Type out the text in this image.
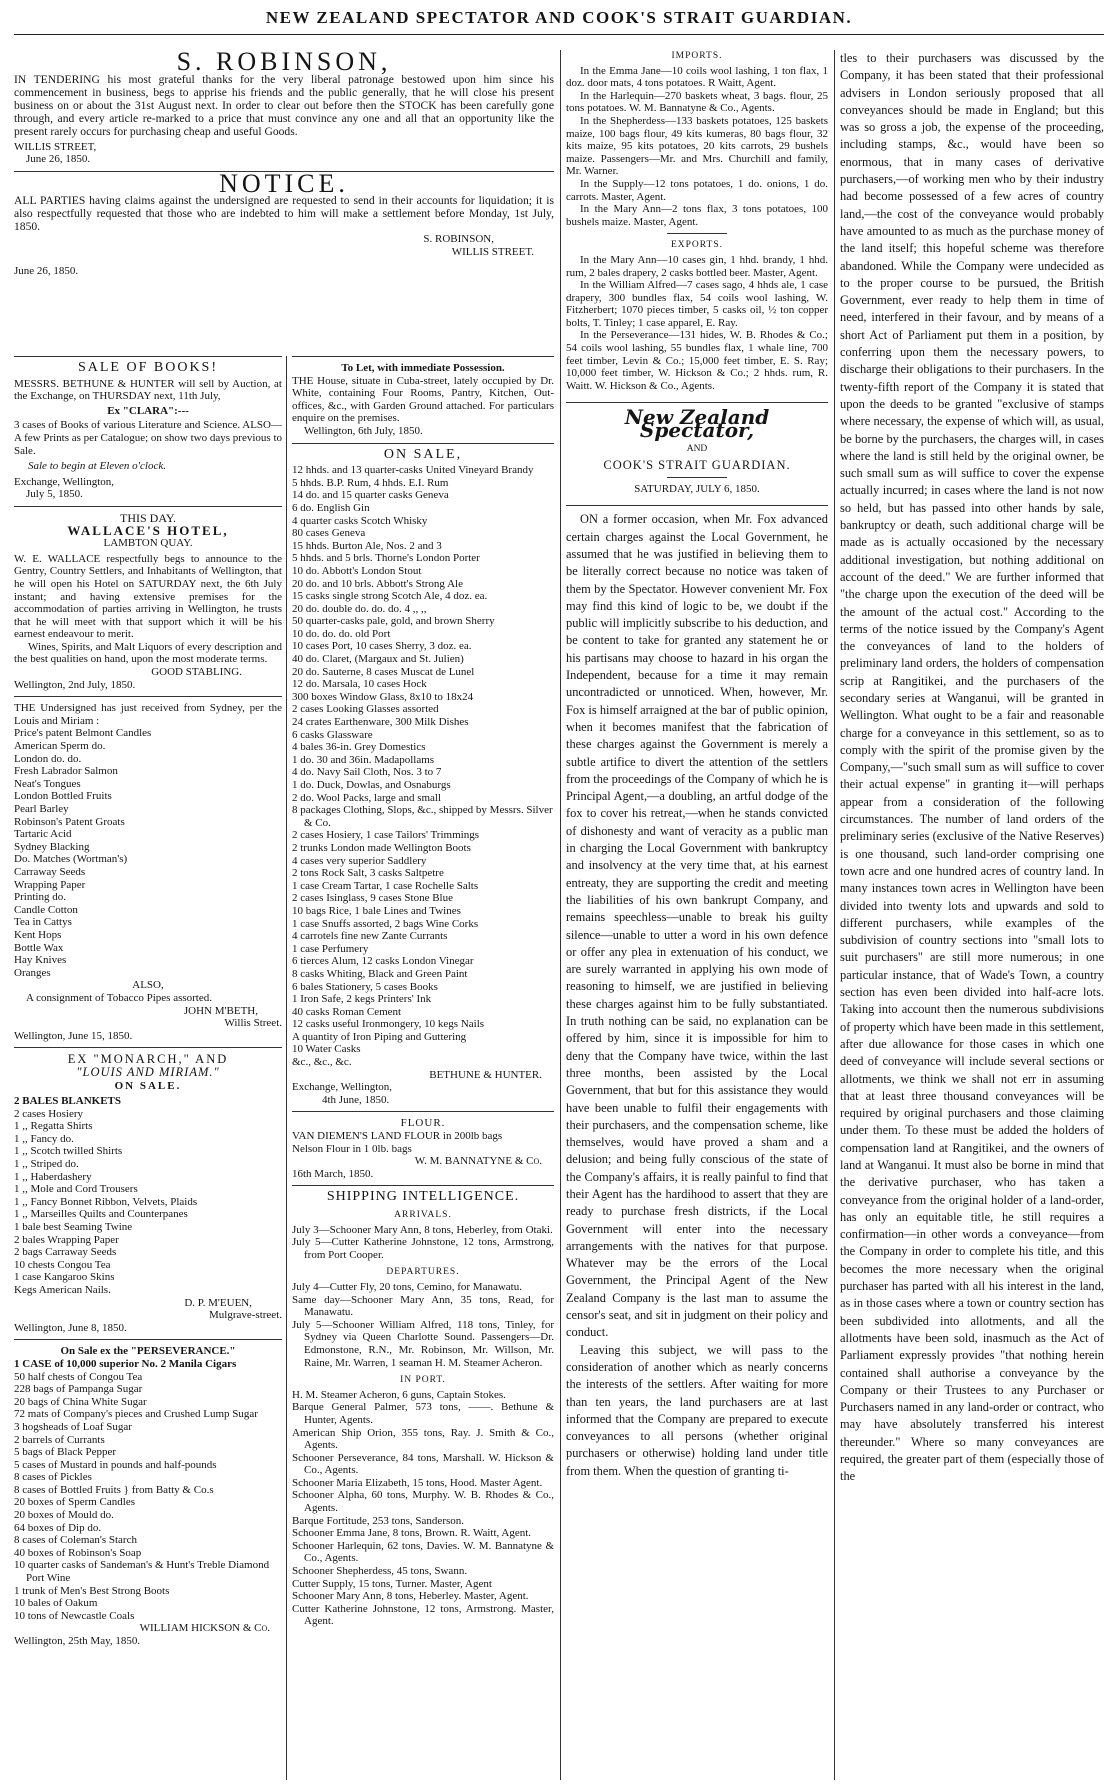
NEW ZEALAND SPECTATOR AND COOK'S STRAIT GUARDIAN.
S. ROBINSON,

IN TENDERING his most grateful thanks for the very liberal patronage bestowed upon him since his commencement in business, begs to apprise his friends and the public generally, that he will close his present business on or about the 31st August next. In order to clear out before then the STOCK has been carefully gone through, and every article re-marked to a price that must convince any one and all that an opportunity like the present rarely occurs for purchasing cheap and useful Goods.

WILLIS STREET,

June 26, 1850.

NOTICE.

ALL PARTIES having claims against the undersigned are requested to send in their accounts for liquidation; it is also respectfully requested that those who are indebted to him will make a settlement before Monday, 1st July, 1850.

S. ROBINSON,

WILLIS STREET.

June 26, 1850.

SALE OF BOOKS!

MESSRS. BETHUNE & HUNTER will sell by Auction, at the Exchange, on THURSDAY next, 11th July,

Ex "CLARA":---

3 cases of Books of various Literature and Science. ALSO—A few Prints as per Catalogue; on show two days previous to Sale.

Sale to begin at Eleven o'clock.

Exchange, Wellington,

July 5, 1850.

THIS DAY.

WALLACE'S HOTEL,

LAMBTON QUAY.

W. E. WALLACE respectfully begs to announce to the Gentry, Country Settlers, and Inhabitants of Wellington, that he will open his Hotel on SATURDAY next, the 6th July instant; and having extensive premises for the accommodation of parties arriving in Wellington, he trusts that he will meet with that support which it will be his earnest endeavour to merit.

Wines, Spirits, and Malt Liquors of every description and the best qualities on hand, upon the most moderate terms.

GOOD STABLING.

Wellington, 2nd July, 1850.

THE Undersigned has just received from Sydney, per the Louis and Miriam :

Price's patent Belmont Candles

American Sperm do.

London do. do.

Fresh Labrador Salmon

Neat's Tongues

London Bottled Fruits

Pearl Barley

Robinson's Patent Groats

Tartaric Acid

Sydney Blacking

Do. Matches (Wortman's)

Carraway Seeds

Wrapping Paper

Printing do.

Candle Cotton

Tea in Cattys

Kent Hops

Bottle Wax

Hay Knives

Oranges

ALSO,

A consignment of Tobacco Pipes assorted.

JOHN M'BETH,

Willis Street.

Wellington, June 15, 1850.

EX "MONARCH," AND

"LOUIS AND MIRIAM."

ON SALE.

2 BALES BLANKETS

2 cases Hosiery

1 ,, Regatta Shirts

1 ,, Fancy do.

1 ,, Scotch twilled Shirts

1 ,, Striped do.

1 ,, Haberdashery

1 ,, Mole and Cord Trousers

1 ,, Fancy Bonnet Ribbon, Velvets, Plaids

1 ,, Marseilles Quilts and Counterpanes

1 bale best Seaming Twine

2 bales Wrapping Paper

2 bags Carraway Seeds

10 chests Congou Tea

1 case Kangaroo Skins

Kegs American Nails.

D. P. M'EUEN,

Mulgrave-street.

Wellington, June 8, 1850.

On Sale ex the "PERSEVERANCE."

1 CASE of 10,000 superior No. 2 Manila Cigars

50 half chests of Congou Tea

228 bags of Pampanga Sugar

20 bags of China White Sugar

72 mats of Company's pieces and Crushed Lump Sugar

3 hogsheads of Loaf Sugar

2 barrels of Currants

5 bags of Black Pepper

5 cases of Mustard in pounds and half-pounds

8 cases of Pickles

8 cases of Bottled Fruits } from Batty & Co.s

20 boxes of Sperm Candles

20 boxes of Mould do.

64 boxes of Dip do.

8 cases of Coleman's Starch

40 boxes of Robinson's Soap

10 quarter casks of Sandeman's & Hunt's Treble Diamond Port Wine

1 trunk of Men's Best Strong Boots

10 bales of Oakum

10 tons of Newcastle Coals

WILLIAM HICKSON & Co.

Wellington, 25th May, 1850.

To Let, with immediate Possession.

THE House, situate in Cuba-street, lately occupied by Dr. White, containing Four Rooms, Pantry, Kitchen, Out-offices, &c., with Garden Ground attached. For particulars enquire on the premises.

Wellington, 6th July, 1850.

ON SALE,

12 hhds. and 13 quarter-casks United Vineyard Brandy

5 hhds. B.P. Rum, 4 hhds. E.I. Rum

14 do. and 15 quarter casks Geneva

6 do. English Gin

4 quarter casks Scotch Whisky

80 cases Geneva

15 hhds. Burton Ale, Nos. 2 and 3

5 hhds. and 5 brls. Thorne's London Porter

10 do. Abbott's London Stout

20 do. and 10 brls. Abbott's Strong Ale

15 casks single strong Scotch Ale, 4 doz. ea.

20 do. double do. do. do. 4 ,, ,,

50 quarter-casks pale, gold, and brown Sherry

10 do. do. do. old Port

10 cases Port, 10 cases Sherry, 3 doz. ea.

40 do. Claret, (Margaux and St. Julien)

20 do. Sauterne, 8 cases Muscat de Lunel

12 do. Marsala, 10 cases Hock

300 boxes Window Glass, 8x10 to 18x24

2 cases Looking Glasses assorted

24 crates Earthenware, 300 Milk Dishes

6 casks Glassware

4 bales 36-in. Grey Domestics

1 do. 30 and 36in. Madapollams

4 do. Navy Sail Cloth, Nos. 3 to 7

1 do. Duck, Dowlas, and Osnaburgs

2 do. Wool Packs, large and small

8 packages Clothing, Slops, &c., shipped by Messrs. Silver & Co.

2 cases Hosiery, 1 case Tailors' Trimmings

2 trunks London made Wellington Boots

4 cases very superior Saddlery

2 tons Rock Salt, 3 casks Saltpetre

1 case Cream Tartar, 1 case Rochelle Salts

2 cases Isinglass, 9 cases Stone Blue

10 bags Rice, 1 bale Lines and Twines

1 case Snuffs assorted, 2 bags Wine Corks

4 carrotels fine new Zante Currants

1 case Perfumery

6 tierces Alum, 12 casks London Vinegar

8 casks Whiting, Black and Green Paint

6 bales Stationery, 5 cases Books

1 Iron Safe, 2 kegs Printers' Ink

40 casks Roman Cement

12 casks useful Ironmongery, 10 kegs Nails

A quantity of Iron Piping and Guttering

10 Water Casks

&c., &c., &c.

BETHUNE & HUNTER.

Exchange, Wellington,

4th June, 1850.

FLOUR.

VAN DIEMEN'S LAND FLOUR in 200lb bags

Nelson Flour in 1 0lb. bags

W. M. BANNATYNE & Co.

16th March, 1850.

SHIPPING INTELLIGENCE.
ARRIVALS.

July 3—Schooner Mary Ann, 8 tons, Heberley, from Otaki.

July 5—Cutter Katherine Johnstone, 12 tons, Armstrong, from Port Cooper.

DEPARTURES.

July 4—Cutter Fly, 20 tons, Cemino, for Manawatu.

Same day—Schooner Mary Ann, 35 tons, Read, for Manawatu.

July 5—Schooner William Alfred, 118 tons, Tinley, for Sydney via Queen Charlotte Sound. Passengers—Dr. Edmonstone, R.N., Mr. Robinson, Mr. Willson, Mr. Raine, Mr. Warren, 1 seaman H. M. Steamer Acheron.

IN PORT.

H. M. Steamer Acheron, 6 guns, Captain Stokes.

Barque General Palmer, 573 tons, ——. Bethune & Hunter, Agents.

American Ship Orion, 355 tons, Ray. J. Smith & Co., Agents.

Schooner Perseverance, 84 tons, Marshall. W. Hickson & Co., Agents.

Schooner Maria Elizabeth, 15 tons, Hood. Master Agent.

Schooner Alpha, 60 tons, Murphy. W. B. Rhodes & Co., Agents.

Barque Fortitude, 253 tons, Sanderson.

Schooner Emma Jane, 8 tons, Brown. R. Waitt, Agent.

Schooner Harlequin, 62 tons, Davies. W. M. Bannatyne & Co., Agents.

Schooner Shepherdess, 45 tons, Swann.

Cutter Supply, 15 tons, Turner. Master, Agent

Schooner Mary Ann, 8 tons, Heberley. Master, Agent.

Cutter Katherine Johnstone, 12 tons, Armstrong. Master, Agent.

IMPORTS.

In the Emma Jane—10 coils wool lashing, 1 ton flax, 1 doz. door mats, 4 tons potatoes. R Waitt, Agent.

In the Harlequin—270 baskets wheat, 3 bags. flour, 25 tons potatoes. W. M. Bannatyne & Co., Agents.

In the Shepherdess—133 baskets potatoes, 125 baskets maize, 100 bags flour, 49 kits kumeras, 80 bags flour, 32 kits maize, 95 kits potatoes, 20 kits carrots, 29 bushels maize. Passengers—Mr. and Mrs. Churchill and family, Mr. Warner.

In the Supply—12 tons potatoes, 1 do. onions, 1 do. carrots. Master, Agent.

In the Mary Ann—2 tons flax, 3 tons potatoes, 100 bushels maize. Master, Agent.

EXPORTS.

In the Mary Ann—10 cases gin, 1 hhd. brandy, 1 hhd. rum, 2 bales drapery, 2 casks bottled beer. Master, Agent.

In the William Alfred—7 cases sago, 4 hhds ale, 1 case drapery, 300 bundles flax, 54 coils wool lashing, W. Fitzherbert; 1070 pieces timber, 5 casks oil, ½ ton copper bolts, T. Tinley; 1 case apparel, E. Ray.

In the Perseverance—131 hides, W. B. Rhodes & Co.; 54 coils wool lashing, 55 bundles flax, 1 whale line, 700 feet timber, Levin & Co.; 15,000 feet timber, E. S. Ray; 10,000 feet timber, W. Hickson & Co.; 2 hhds. rum, R. Waitt. W. Hickson & Co., Agents.

New Zealand Spectator,

AND

COOK'S STRAIT GUARDIAN.

SATURDAY, JULY 6, 1850.

ON a former occasion, when Mr. Fox advanced certain charges against the Local Government, he assumed that he was justified in believing them to be literally correct because no notice was taken of them by the Spectator. However convenient Mr. Fox may find this kind of logic to be, we doubt if the public will implicitly subscribe to his deduction, and be content to take for granted any statement he or his partisans may choose to hazard in his organ the Independent, because for a time it may remain uncontradicted or unnoticed. When, however, Mr. Fox is himself arraigned at the bar of public opinion, when it becomes manifest that the fabrication of these charges against the Government is merely a subtle artifice to divert the attention of the settlers from the proceedings of the Company of which he is Principal Agent,—a doubling, an artful dodge of the fox to cover his retreat,—when he stands convicted of dishonesty and want of veracity as a public man in charging the Local Government with bankruptcy and insolvency at the very time that, at his earnest entreaty, they are supporting the credit and meeting the liabilities of his own bankrupt Company, and remains speechless—unable to break his guilty silence—unable to utter a word in his own defence or offer any plea in extenuation of his conduct, we are surely warranted in applying his own mode of reasoning to himself, we are justified in believing these charges against him to be fully substantiated. In truth nothing can be said, no explanation can be offered by him, since it is impossible for him to deny that the Company have twice, within the last three months, been assisted by the Local Government, that but for this assistance they would have been unable to fulfil their engagements with their purchasers, and the compensation scheme, like themselves, would have proved a sham and a delusion; and being fully conscious of the state of the Company's affairs, it is really painful to find that their Agent has the hardihood to assert that they are ready to purchase fresh districts, if the Local Government will enter into the necessary arrangements with the natives for that purpose. Whatever may be the errors of the Local Government, the Principal Agent of the New Zealand Company is the last man to assume the censor's seat, and sit in judgment on their policy and conduct.

Leaving this subject, we will pass to the consideration of another which as nearly concerns the interests of the settlers. After waiting for more than ten years, the land purchasers are at last informed that the Company are prepared to execute conveyances to all persons (whether original purchasers or otherwise) holding land under title from them. When the question of granting ti-

tles to their purchasers was discussed by the Company, it has been stated that their professional advisers in London seriously proposed that all conveyances should be made in England; but this was so gross a job, the expense of the proceeding, including stamps, &c., would have been so enormous, that in many cases of derivative purchasers,—of working men who by their industry had become possessed of a few acres of country land,—the cost of the conveyance would probably have amounted to as much as the purchase money of the land itself; this hopeful scheme was therefore abandoned. While the Company were undecided as to the proper course to be pursued, the British Government, ever ready to help them in time of need, interfered in their favour, and by means of a short Act of Parliament put them in a position, by conferring upon them the necessary powers, to discharge their obligations to their purchasers. In the twenty-fifth report of the Company it is stated that upon the deeds to be granted "exclusive of stamps where necessary, the expense of which will, as usual, be borne by the purchasers, the charges will, in cases where the land is still held by the original owner, be such small sum as will suffice to cover the expense actually incurred; in cases where the land is not now so held, but has passed into other hands by sale, bankruptcy or death, such additional charge will be made as is actually occasioned by the necessary additional investigation, but nothing additional on account of the deed." We are further informed that "the charge upon the execution of the deed will be the amount of the actual cost." According to the terms of the notice issued by the Company's Agent the conveyances of land to the holders of preliminary land orders, the holders of compensation scrip at Rangitikei, and the purchasers of the secondary series at Wanganui, will be granted in Wellington. What ought to be a fair and reasonable charge for a conveyance in this settlement, so as to comply with the spirit of the promise given by the Company,—"such small sum as will suffice to cover their actual expense" in granting it—will perhaps appear from a consideration of the following circumstances. The number of land orders of the preliminary series (exclusive of the Native Reserves) is one thousand, such land-order comprising one town acre and one hundred acres of country land. In many instances town acres in Wellington have been divided into twenty lots and upwards and sold to different purchasers, while examples of the subdivision of country sections into "small lots to suit purchasers" are still more numerous; in one particular instance, that of Wade's Town, a country section has even been divided into half-acre lots. Taking into account then the numerous subdivisions of property which have been made in this settlement, after due allowance for those cases in which one deed of conveyance will include several sections or allotments, we think we shall not err in assuming that at least three thousand conveyances will be required by original purchasers and those claiming under them. To these must be added the holders of compensation land at Rangitikei, and the owners of land at Wanganui. It must also be borne in mind that the derivative purchaser, who has taken a conveyance from the original holder of a land-order, has only an equitable title, he still requires a confirmation—in other words a conveyance—from the Company in order to complete his title, and this becomes the more necessary when the original purchaser has parted with all his interest in the land, as in those cases where a town or country section has been subdivided into allotments, and all the allotments have been sold, inasmuch as the Act of Parliament expressly provides "that nothing herein contained shall authorise a conveyance by the Company or their Trustees to any Purchaser or Purchasers named in any land-order or contract, who may have absolutely transferred his interest thereunder." Where so many conveyances are required, the greater part of them (especially those of the
